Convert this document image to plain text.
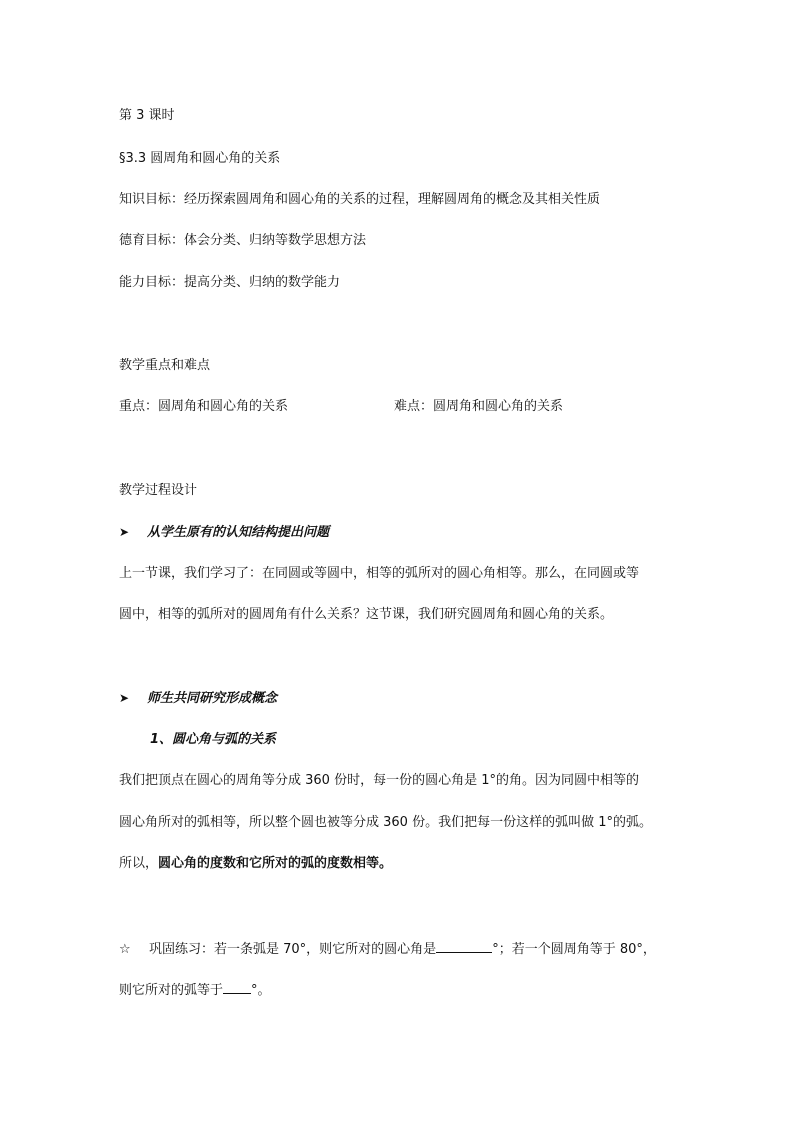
第 3 课时
§3.3 圆周角和圆心角的关系
知识目标：经历探索圆周角和圆心角的关系的过程，理解圆周角的概念及其相关性质
德育目标：体会分类、归纳等数学思想方法
能力目标：提高分类、归纳的数学能力
教学重点和难点
重点：圆周角和圆心角的关系	难点：圆周角和圆心角的关系
教学过程设计
➤ 从学生原有的认知结构提出问题
上一节课，我们学习了：在同圆或等圆中，相等的弧所对的圆心角相等。那么，在同圆或等
圆中，相等的弧所对的圆周角有什么关系？这节课，我们研究圆周角和圆心角的关系。
➤ 师生共同研究形成概念
1、圆心角与弧的关系
我们把顶点在圆心的周角等分成 360 份时，每一份的圆心角是 1°的角。因为同圆中相等的
圆心角所对的弧相等，所以整个圆也被等分成 360 份。我们把每一份这样的弧叫做 1°的弧。
所以，圆心角的度数和它所对的弧的度数相等。
☆ 巩固练习：若一条弧是 70°，则它所对的圆心角是	°；若一个圆周角等于 80°，
则它所对的弧等于 °。
